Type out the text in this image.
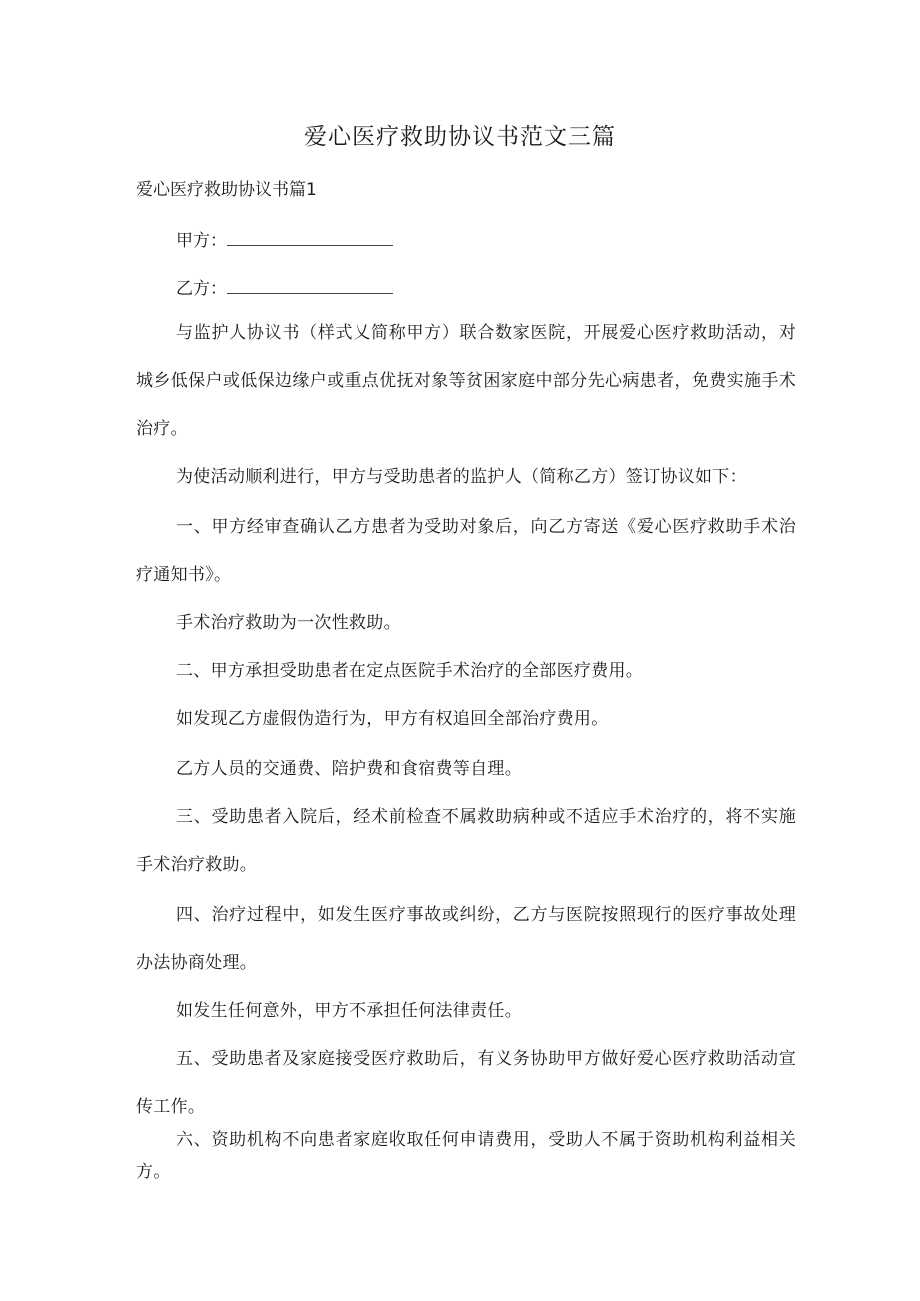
爱心医疗救助协议书范文三篇
爱心医疗救助协议书篇1
甲方：
乙方：

与监护人协议书（样式乂简称甲方）联合数家医院，开展爱心医疗救助活动，对城乡低保户或低保边缘户或重点优抚对象等贫困家庭中部分先心病患者，免费实施手术治疗。

为使活动顺利进行，甲方与受助患者的监护人（简称乙方）签订协议如下：

一、甲方经审查确认乙方患者为受助对象后，向乙方寄送《爱心医疗救助手术治疗通知书》。

手术治疗救助为一次性救助。

二、甲方承担受助患者在定点医院手术治疗的全部医疗费用。

如发现乙方虚假伪造行为，甲方有权追回全部治疗费用。

乙方人员的交通费、陪护费和食宿费等自理。

三、受助患者入院后，经术前检查不属救助病种或不适应手术治疗的，将不实施手术治疗救助。

四、治疗过程中，如发生医疗事故或纠纷，乙方与医院按照现行的医疗事故处理办法协商处理。

如发生任何意外，甲方不承担任何法律责任。

五、受助患者及家庭接受医疗救助后，有义务协助甲方做好爱心医疗救助活动宣传工作。

六、资助机构不向患者家庭收取任何申请费用，受助人不属于资助机构利益相关方。
